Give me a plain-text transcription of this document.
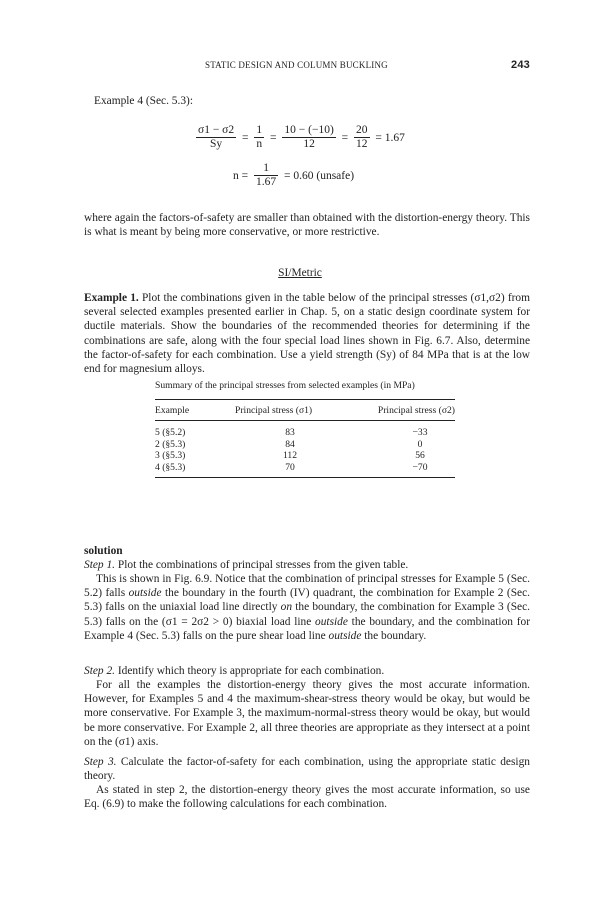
STATIC DESIGN AND COLUMN BUCKLING	243
Example 4 (Sec. 5.3):
$\frac{\sigma 1 - \sigma 2}{Sy} = \frac{1}{n} = \frac{10 - (-10)}{12} = \frac{20}{12} = 1.67$
$n = \frac{1}{1.67} = 0.60$ (unsafe)
where again the factors-of-safety are smaller than obtained with the distortion-energy theory. This is what is meant by being more conservative, or more restrictive.
SI/Metric
Example 1. Plot the combinations given in the table below of the principal stresses (σ1,σ2) from several selected examples presented earlier in Chap. 5, on a static design coordinate system for ductile materials. Show the boundaries of the recommended theories for determining if the combinations are safe, along with the four special load lines shown in Fig. 6.7. Also, determine the factor-of-safety for each combination. Use a yield strength (Sy) of 84 MPa that is at the low end for magnesium alloys.
Summary of the principal stresses from selected examples (in MPa)
Example	Principal stress (σ1)	Principal stress (σ2)
5 (§5.2)	83	−33
2 (§5.3)	84	0
3 (§5.3)	112	56
4 (§5.3)	70	−70
solution
Step 1. Plot the combinations of principal stresses from the given table.
This is shown in Fig. 6.9. Notice that the combination of principal stresses for Example 5 (Sec. 5.2) falls outside the boundary in the fourth (IV) quadrant, the combination for Example 2 (Sec. 5.3) falls on the uniaxial load line directly on the boundary, the combination for Example 3 (Sec. 5.3) falls on the (σ1 = 2σ2 > 0) biaxial load line outside the boundary, and the combination for Example 4 (Sec. 5.3) falls on the pure shear load line outside the boundary.
Step 2. Identify which theory is appropriate for each combination.
For all the examples the distortion-energy theory gives the most accurate information. However, for Examples 5 and 4 the maximum-shear-stress theory would be okay, but would be more conservative. For Example 3, the maximum-normal-stress theory would be okay, but would be more conservative. For Example 2, all three theories are appropriate as they intersect at a point on the (σ1) axis.
Step 3. Calculate the factor-of-safety for each combination, using the appropriate static design theory.
As stated in step 2, the distortion-energy theory gives the most accurate information, so use Eq. (6.9) to make the following calculations for each combination.
